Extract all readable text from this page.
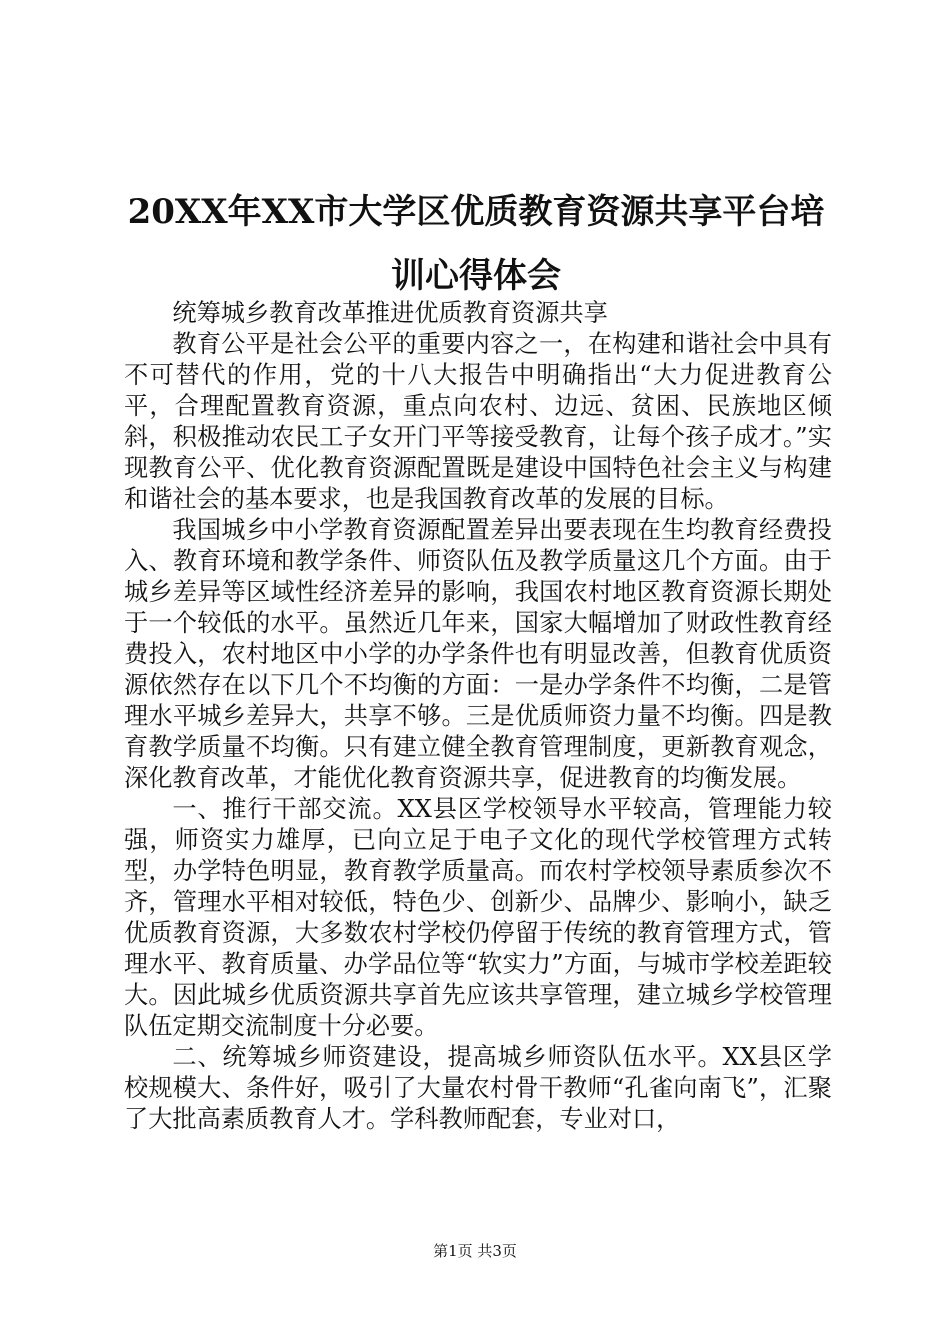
20XX年XX市大学区优质教育资源共享平台培训心得体会

统筹城乡教育改革推进优质教育资源共享

教育公平是社会公平的重要内容之一，在构建和谐社会中具有不可替代的作用，党的十八大报告中明确指出“大力促进教育公平，合理配置教育资源，重点向农村、边远、贫困、民族地区倾斜，积极推动农民工子女开门平等接受教育，让每个孩子成才。”实现教育公平、优化教育资源配置既是建设中国特色社会主义与构建和谐社会的基本要求，也是我国教育改革的发展的目标。

我国城乡中小学教育资源配置差异出要表现在生均教育经费投入、教育环境和教学条件、师资队伍及教学质量这几个方面。由于城乡差异等区域性经济差异的影响，我国农村地区教育资源长期处于一个较低的水平。虽然近几年来，国家大幅增加了财政性教育经费投入，农村地区中小学的办学条件也有明显改善，但教育优质资源依然存在以下几个不均衡的方面：一是办学条件不均衡，二是管理水平城乡差异大，共享不够。三是优质师资力量不均衡。四是教育教学质量不均衡。只有建立健全教育管理制度，更新教育观念，深化教育改革，才能优化教育资源共享，促进教育的均衡发展。

一、推行干部交流。XX县区学校领导水平较高，管理能力较强，师资实力雄厚，已向立足于电子文化的现代学校管理方式转型，办学特色明显，教育教学质量高。而农村学校领导素质参次不齐，管理水平相对较低，特色少、创新少、品牌少、影响小，缺乏优质教育资源，大多数农村学校仍停留于传统的教育管理方式，管理水平、教育质量、办学品位等“软实力”方面，与城市学校差距较大。因此城乡优质资源共享首先应该共享管理，建立城乡学校管理队伍定期交流制度十分必要。

二、统筹城乡师资建设，提高城乡师资队伍水平。XX县区学校规模大、条件好，吸引了大量农村骨干教师“孔雀向南飞”，汇聚了大批高素质教育人才。学科教师配套，专业对口，

第1页 共3页
